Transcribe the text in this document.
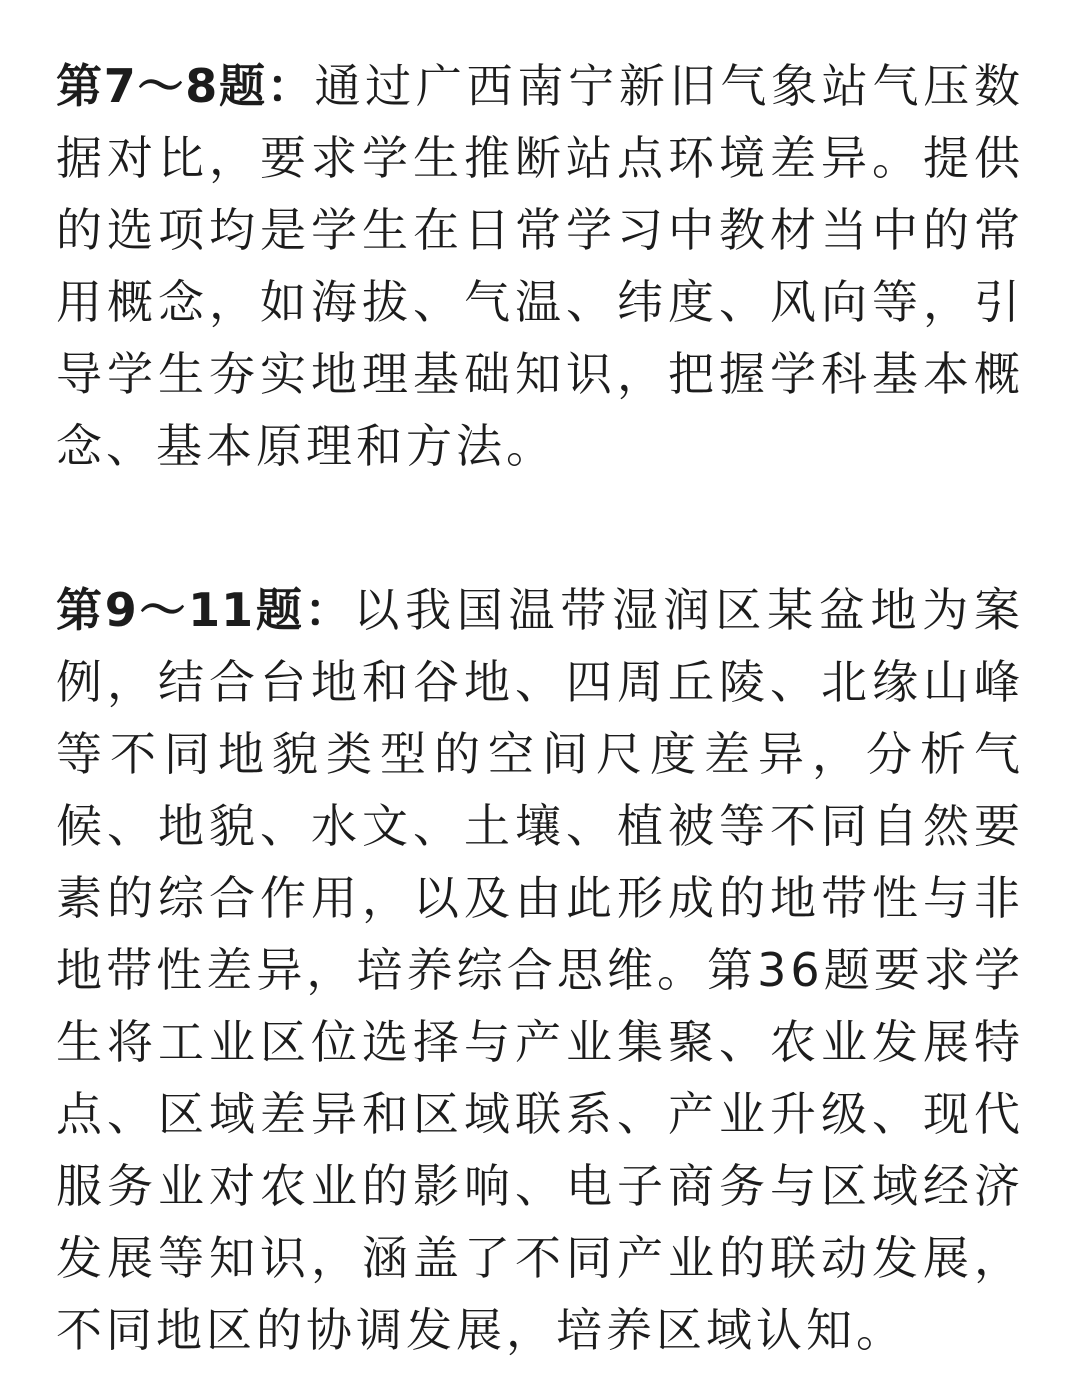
第7～8题：通过广西南宁新旧气象站气压数据对比，要求学生推断站点环境差异。提供的选项均是学生在日常学习中教材当中的常用概念，如海拔、气温、纬度、风向等，引导学生夯实地理基础知识，把握学科基本概念、基本原理和方法。

第9～11题：以我国温带湿润区某盆地为案例，结合台地和谷地、四周丘陵、北缘山峰等不同地貌类型的空间尺度差异，分析气候、地貌、水文、土壤、植被等不同自然要素的综合作用，以及由此形成的地带性与非地带性差异，培养综合思维。第36题要求学生将工业区位选择与产业集聚、农业发展特点、区域差异和区域联系、产业升级、现代服务业对农业的影响、电子商务与区域经济发展等知识，涵盖了不同产业的联动发展，不同地区的协调发展，培养区域认知。
